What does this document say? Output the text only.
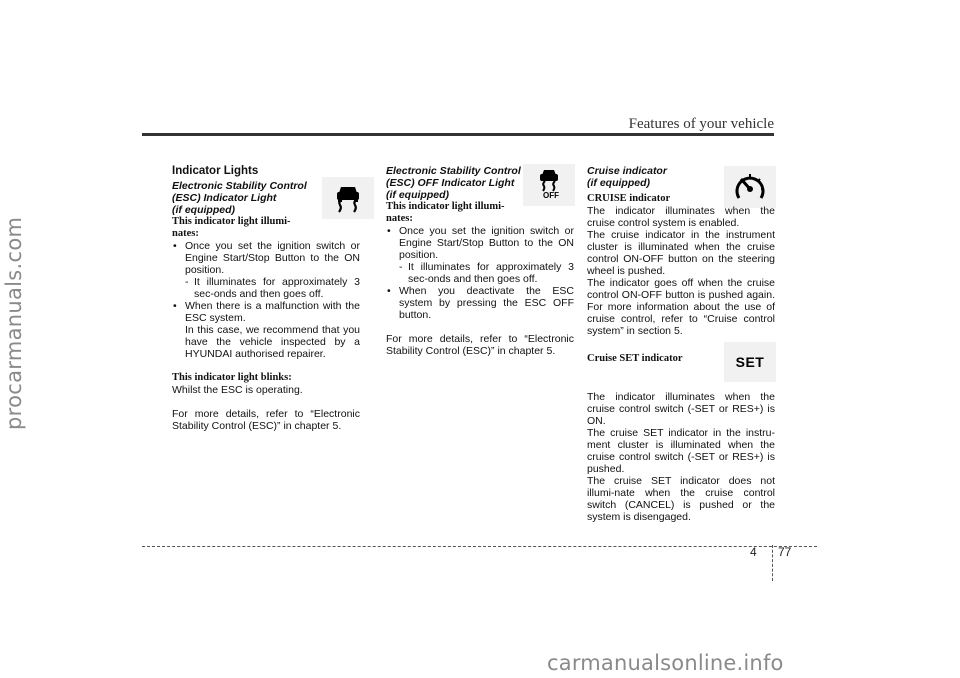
procarmanuals.com
carmanualsonline.info
Features of your vehicle
4 77
OFF
SET
Indicator Lights
Electronic Stability Control
(ESC) Indicator Light
(if equipped)
This indicator light illumi-
nates:

• Once you set the ignition switch or Engine Start/Stop Button to the ON position.

- It illuminates for approximately 3 sec-onds and then goes off.

• When there is a malfunction with the ESC system.

In this case, we recommend that you have the vehicle inspected by a HYUNDAI authorised repairer.

This indicator light blinks:

Whilst the ESC is operating.

For more details, refer to “Electronic Stability Control (ESC)” in chapter 5.

Electronic Stability Control
(ESC) OFF Indicator Light
(if equipped)
This indicator light illumi-
nates:

• Once you set the ignition switch or Engine Start/Stop Button to the ON position.

- It illuminates for approximately 3 sec-onds and then goes off.

• When you deactivate the ESC system by pressing the ESC OFF button.

For more details, refer to “Electronic Stability Control (ESC)” in chapter 5.

Cruise indicator
(if equipped)
CRUISE indicator

The indicator illuminates when the cruise control system is enabled.
The cruise indicator in the instrument cluster is illuminated when the cruise control ON-OFF button on the steering wheel is pushed.
The indicator goes off when the cruise control ON-OFF button is pushed again. For more information about the use of cruise control, refer to “Cruise control system” in section 5.

Cruise SET indicator

The indicator illuminates when the cruise control switch (-SET or RES+) is ON.
The cruise SET indicator in the instru-ment cluster is illuminated when the cruise control switch (-SET or RES+) is pushed.
The cruise SET indicator does not illumi-nate when the cruise control switch (CANCEL) is pushed or the system is disengaged.
